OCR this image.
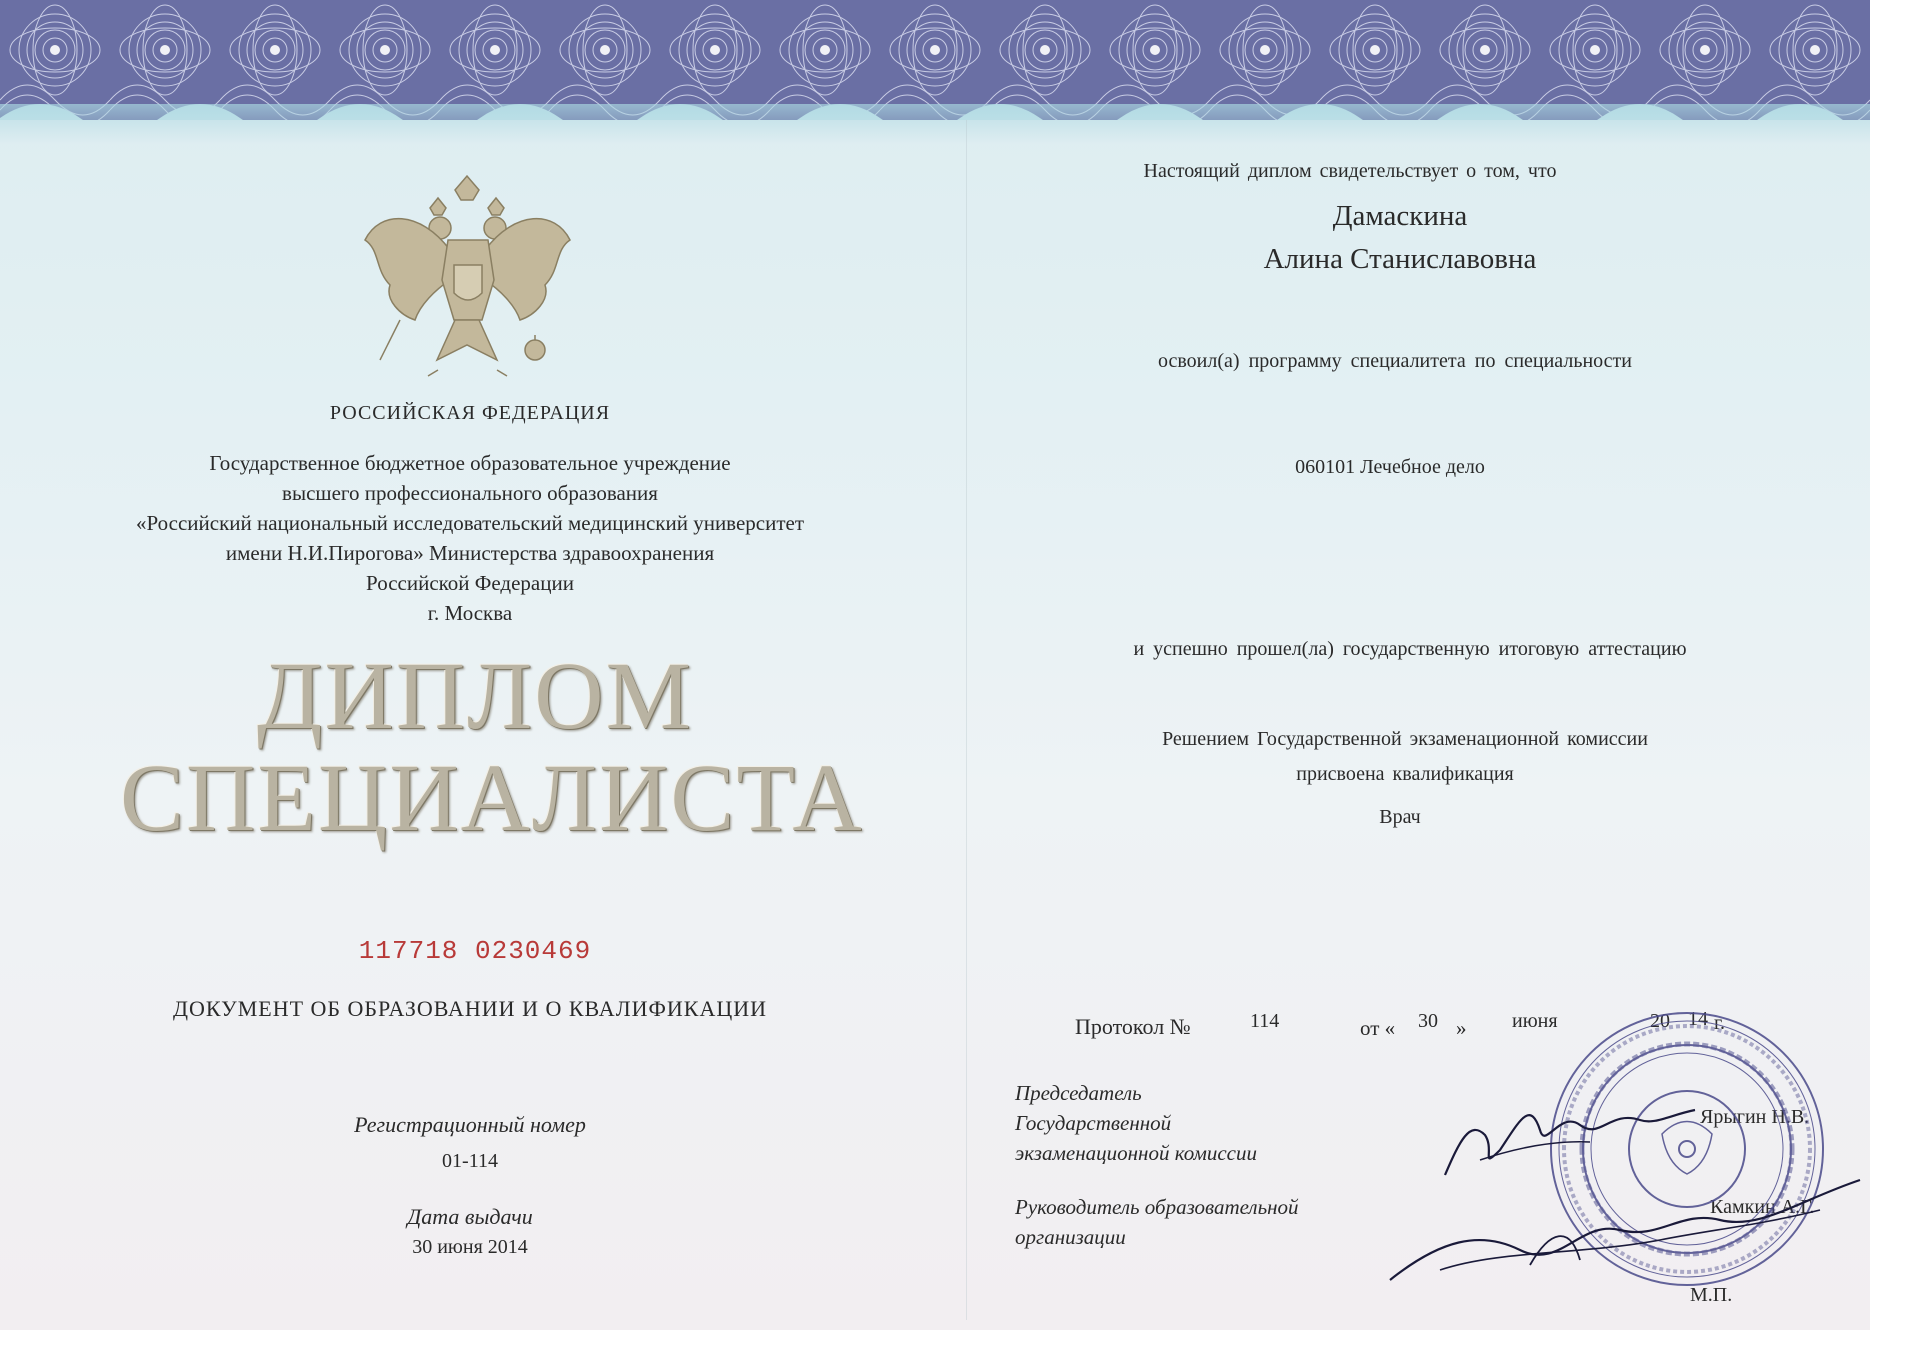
РОССИЙСКАЯ ФЕДЕРАЦИЯ
Государственное бюджетное образовательное учреждение
высшего профессионального образования
«Российский национальный исследовательский медицинский университет
имени Н.И.Пирогова» Министерства здравоохранения
Российской Федерации
г. Москва
ДИПЛОМ
СПЕЦИАЛИСТА
117718 0230469
ДОКУМЕНТ ОБ ОБРАЗОВАНИИ И О КВАЛИФИКАЦИИ
Регистрационный номер
01-114
Дата выдачи
30 июня 2014
Настоящий диплом свидетельствует о том, что
Дамаскина
Алина Станиславовна
освоил(а) программу специалитета по специальности
060101 Лечебное дело
и успешно прошел(ла) государственную итоговую аттестацию
Решением Государственной экзаменационной комиссии
присвоена квалификация
Врач
Протокол №	114	от « 30 » июня	20 14 г.
Председатель
Государственной
экзаменационной комиссии
Ярыгин Н.В.
Руководитель образовательной
организации
Камкин А.Г.
М.П.
